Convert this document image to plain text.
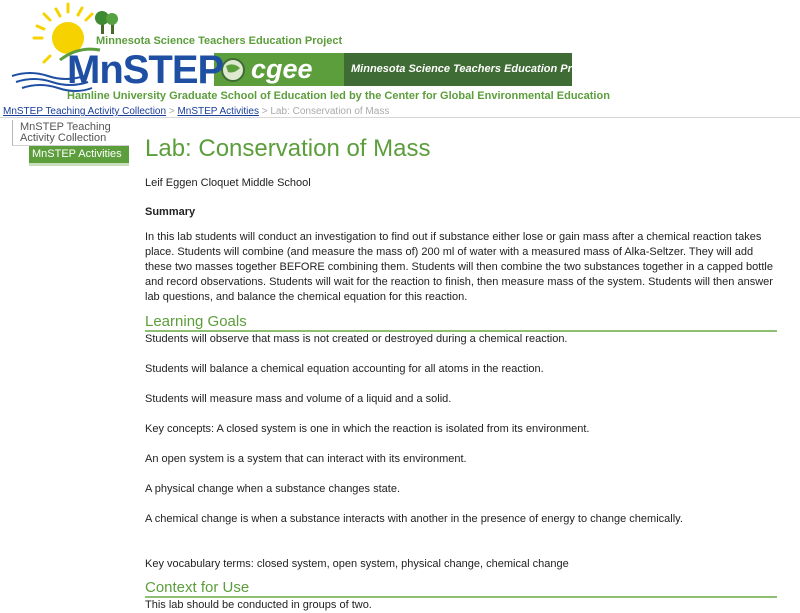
Minnesota Science Teachers Education Project
MnSTEP
Hamline University Graduate School of Education
cgee	Minnesota Science Teachers Education Project
led by the Center for Global Environmental Education
MnSTEP Teaching Activity Collection > MnSTEP Activities > Lab: Conservation of Mass
MnSTEP Teaching Activity Collection
MnSTEP Activities Lab: Conservation of Mass

Leif Eggen Cloquet Middle School

Summary

In this lab students will conduct an investigation to find out if substance either lose or gain mass after a chemical reaction takes place. Students will combine (and measure the mass of) 200 ml of water with a measured mass of Alka-Seltzer. They will add these two masses together BEFORE combining them. Students will then combine the two substances together in a capped bottle and record observations. Students will wait for the reaction to finish, then measure mass of the system. Students will then answer lab questions, and balance the chemical equation for this reaction.

Learning Goals

Students will observe that mass is not created or destroyed during a chemical reaction.

Students will balance a chemical equation accounting for all atoms in the reaction.

Students will measure mass and volume of a liquid and a solid.

Key concepts: A closed system is one in which the reaction is isolated from its environment.

An open system is a system that can interact with its environment.

A physical change when a substance changes state.

A chemical change is when a substance interacts with another in the presence of energy to change chemically.

Key vocabulary terms: closed system, open system, physical change, chemical change

Context for Use

This lab should be conducted in groups of two.
